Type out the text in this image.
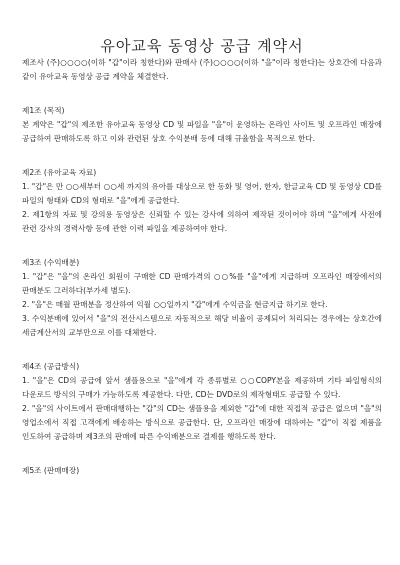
유아교육 동영상 공급 계약서

제조사 (주)○○○○(이하 "갑"이라 칭한다)와 판매사 (주)○○○○(이하 "을"이라 칭한다)는 상호간에 다음과 같이 유아교육 동영상 공급 계약을 체결한다.

제1조 (목적)

본 계약은 "갑"의 제조한 유아교육 동영상 CD 및 파일을 "을"이 운영하는 온라인 사이트 및 오프라인 매장에 공급하여 판매하도록 하고 이와 관련된 상호 수익분배 등에 대해 규율함을 목적으로 한다.

제2조 (유아교육 자료)

1. "갑"은 만 ○○세부터 ○○세 까지의 유아를 대상으로 한 동화 및 영어, 한자, 한글교육 CD 및 동영상 CD를 파일의 형태와 CD의 형태로 "을"에게 공급한다.

2. 제1항의 자료 및 강의용 동영상은 신뢰할 수 있는 강사에 의하여 제작된 것이어야 하며 "을"에게 사전에 관련 강사의 경력사항 등에 관한 이력 파일을 제공하여야 한다.

제3조 (수익배분)

1. "갑"은 "을"의 온라인 회원이 구매한 CD 판매가격의 ○○%를 "을"에게 지급하며 오프라인 매장에서의 판매분도 그러하다(부가세 별도).

2. "을"은 매월 판매분을 정산하여 익월 ○○일까지 "갑"에게 수익금을 현금지급 하기로 한다.

3. 수익분배에 있어서 "을"의 전산시스템으로 자동적으로 해당 비율이 공제되어 처리되는 경우에는 상호간에 세금계산서의 교부만으로 이를 대체한다.

제4조 (공급방식)

1. "을"은 CD의 공급에 앞서 샘플용으로 "을"에게 각 종류별로 ○○COPY본을 제공하며 기타 파일형식의 다운로드 방식의 구매가 가능하도록 제공한다. 다만, CD는 DVD로의 제작형태도 공급할 수 있다.

2. "을"의 사이트에서 판매대행하는 "갑"의 CD는 샘플용을 제외한 "갑"에 대한 직접적 공급은 없으며 "을"의 영업소에서 직접 고객에게 배송하는 방식으로 공급한다. 단, 오프라인 매장에 대하여는 "갑"이 직접 제품을 인도하여 공급하며 제3조의 판매에 따른 수익배분으로 결제를 행하도록 한다.

제5조 (판매매장)
